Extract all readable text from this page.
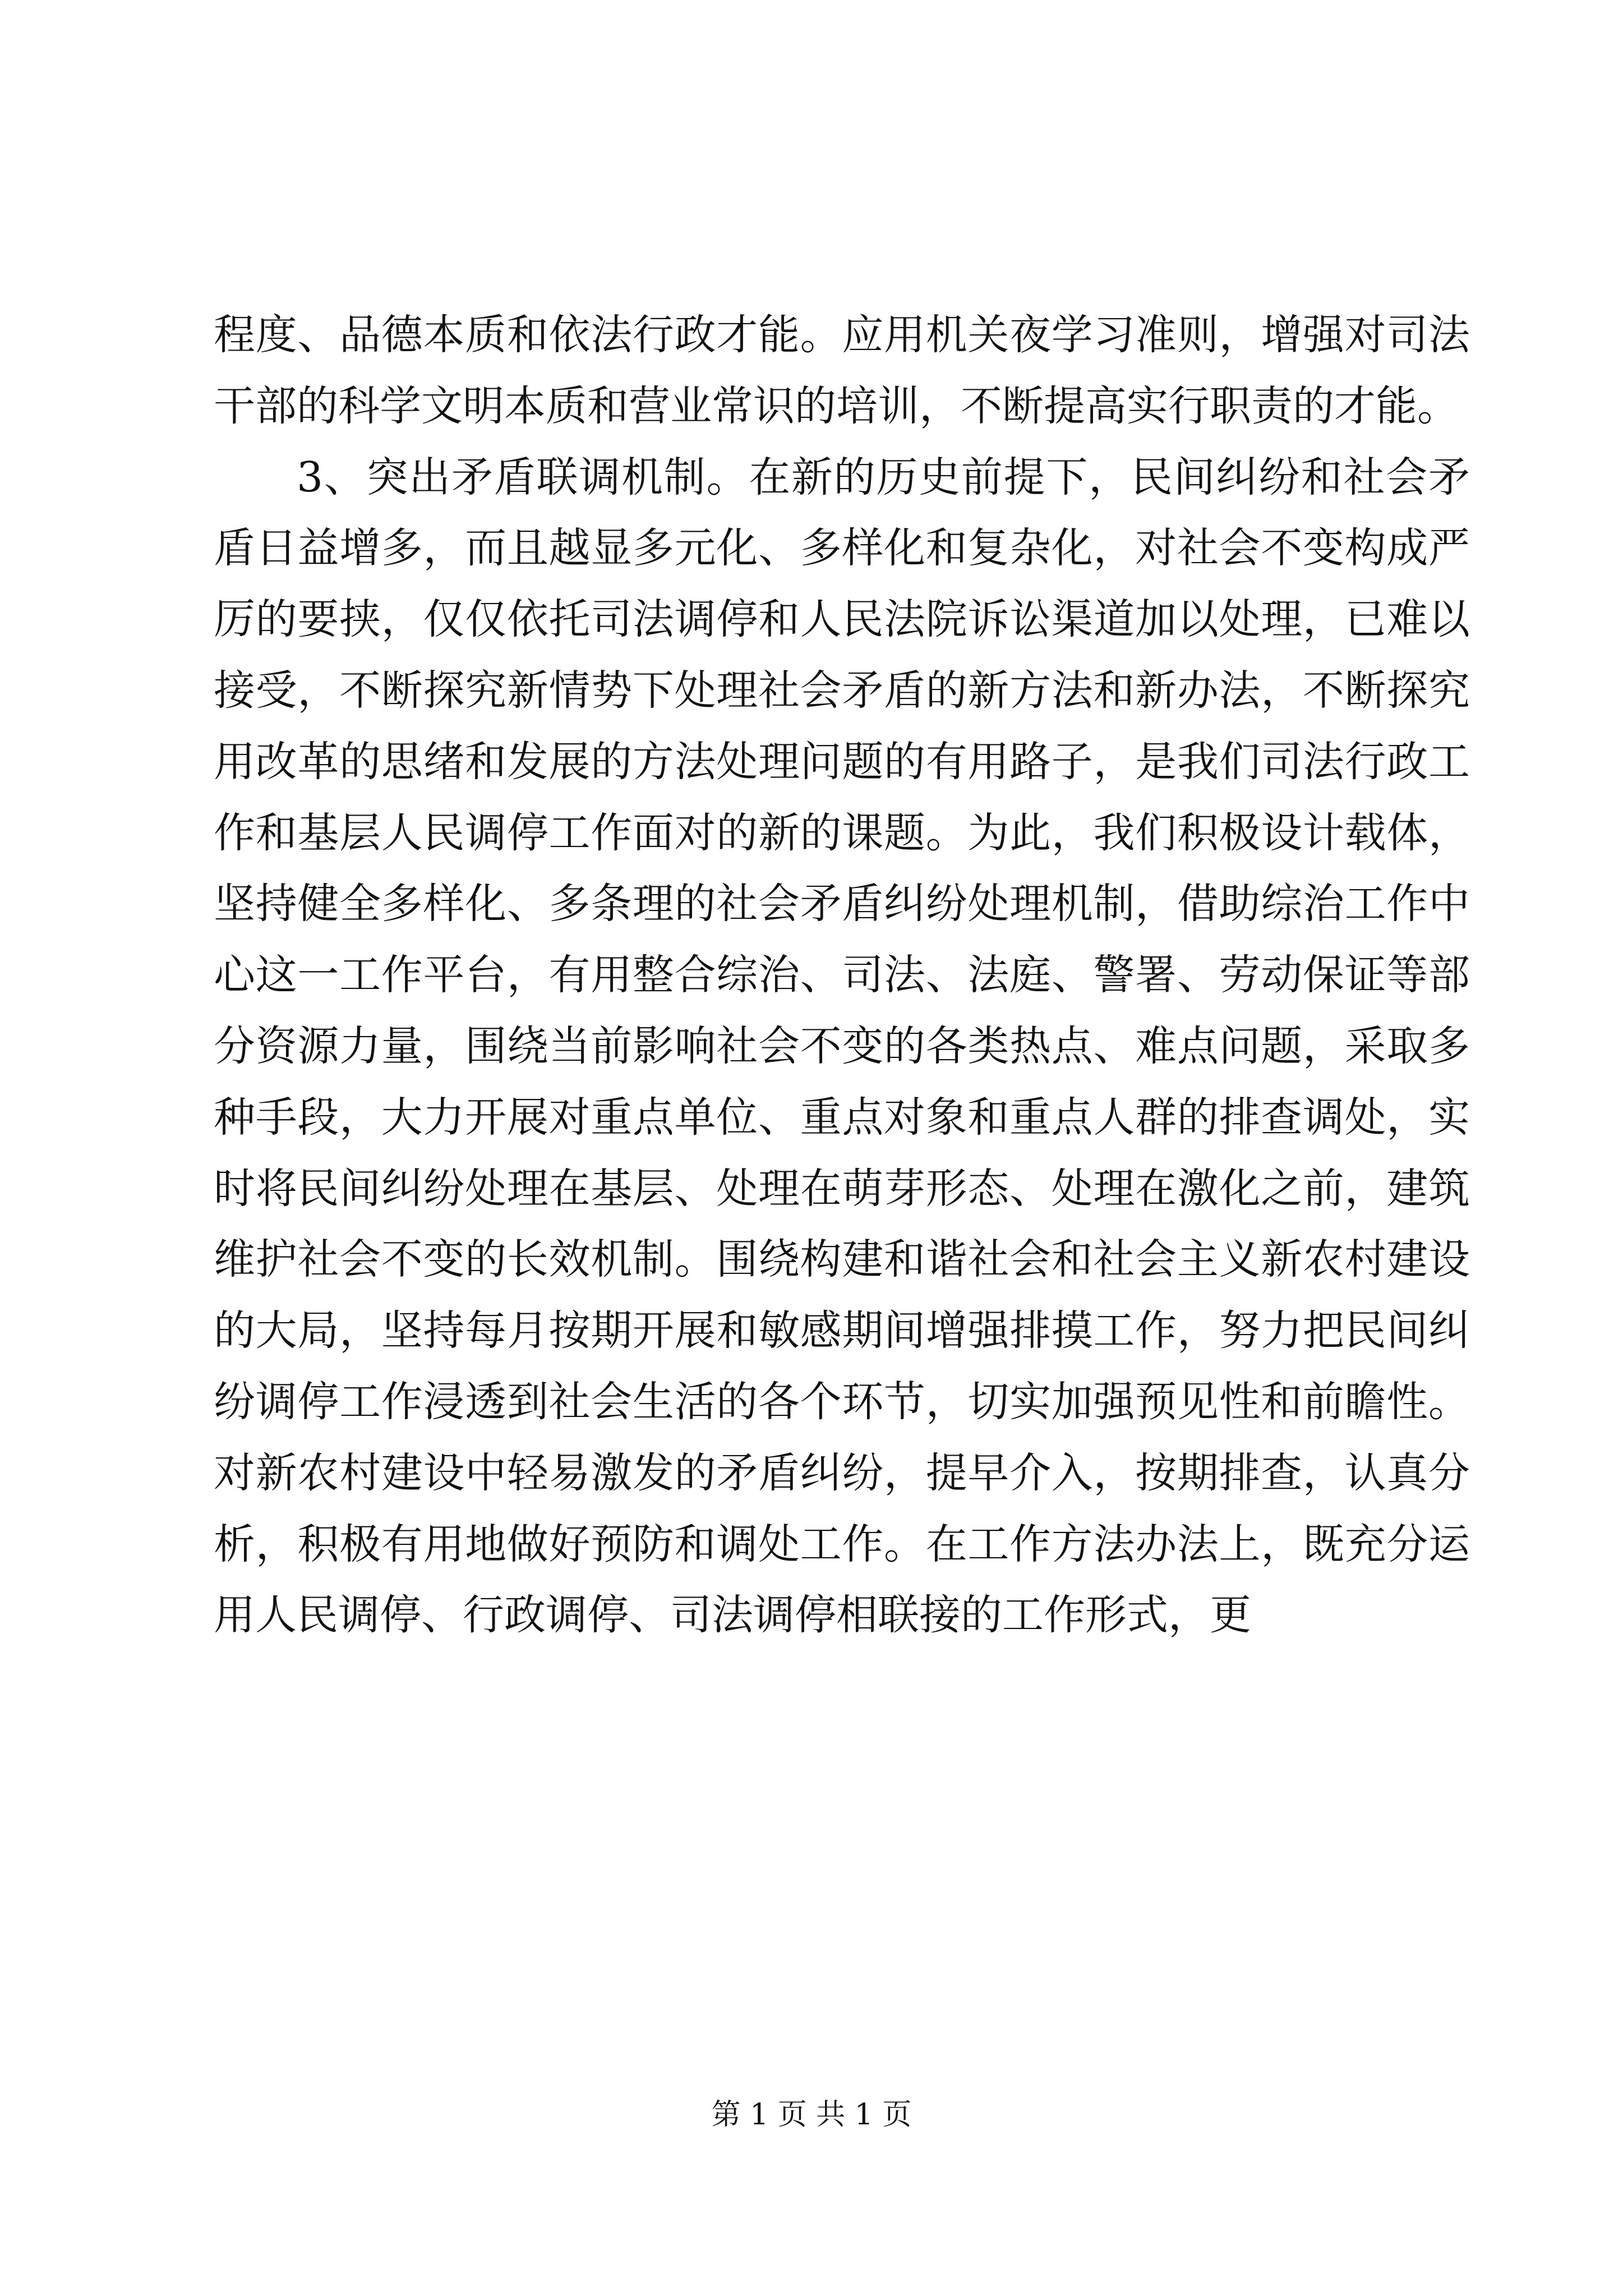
程度、品德本质和依法行政才能。应用机关夜学习准则，增强对司法干部的科学文明本质和营业常识的培训，不断提高实行职责的才能。

3、突出矛盾联调机制。在新的历史前提下，民间纠纷和社会矛盾日益增多，而且越显多元化、多样化和复杂化，对社会不变构成严厉的要挟，仅仅依托司法调停和人民法院诉讼渠道加以处理，已难以接受，不断探究新情势下处理社会矛盾的新方法和新办法，不断探究用改革的思绪和发展的方法处理问题的有用路子，是我们司法行政工作和基层人民调停工作面对的新的课题。为此，我们积极设计载体，坚持健全多样化、多条理的社会矛盾纠纷处理机制，借助综治工作中心这一工作平台，有用整合综治、司法、法庭、警署、劳动保证等部分资源力量，围绕当前影响社会不变的各类热点、难点问题，采取多种手段，大力开展对重点单位、重点对象和重点人群的排查调处，实时将民间纠纷处理在基层、处理在萌芽形态、处理在激化之前，建筑维护社会不变的长效机制。围绕构建和谐社会和社会主义新农村建设的大局，坚持每月按期开展和敏感期间增强排摸工作，努力把民间纠纷调停工作浸透到社会生活的各个环节，切实加强预见性和前瞻性。对新农村建设中轻易激发的矛盾纠纷，提早介入，按期排查，认真分析，积极有用地做好预防和调处工作。在工作方法办法上，既充分运用人民调停、行政调停、司法调停相联接的工作形式，更

第 1 页 共 1 页
